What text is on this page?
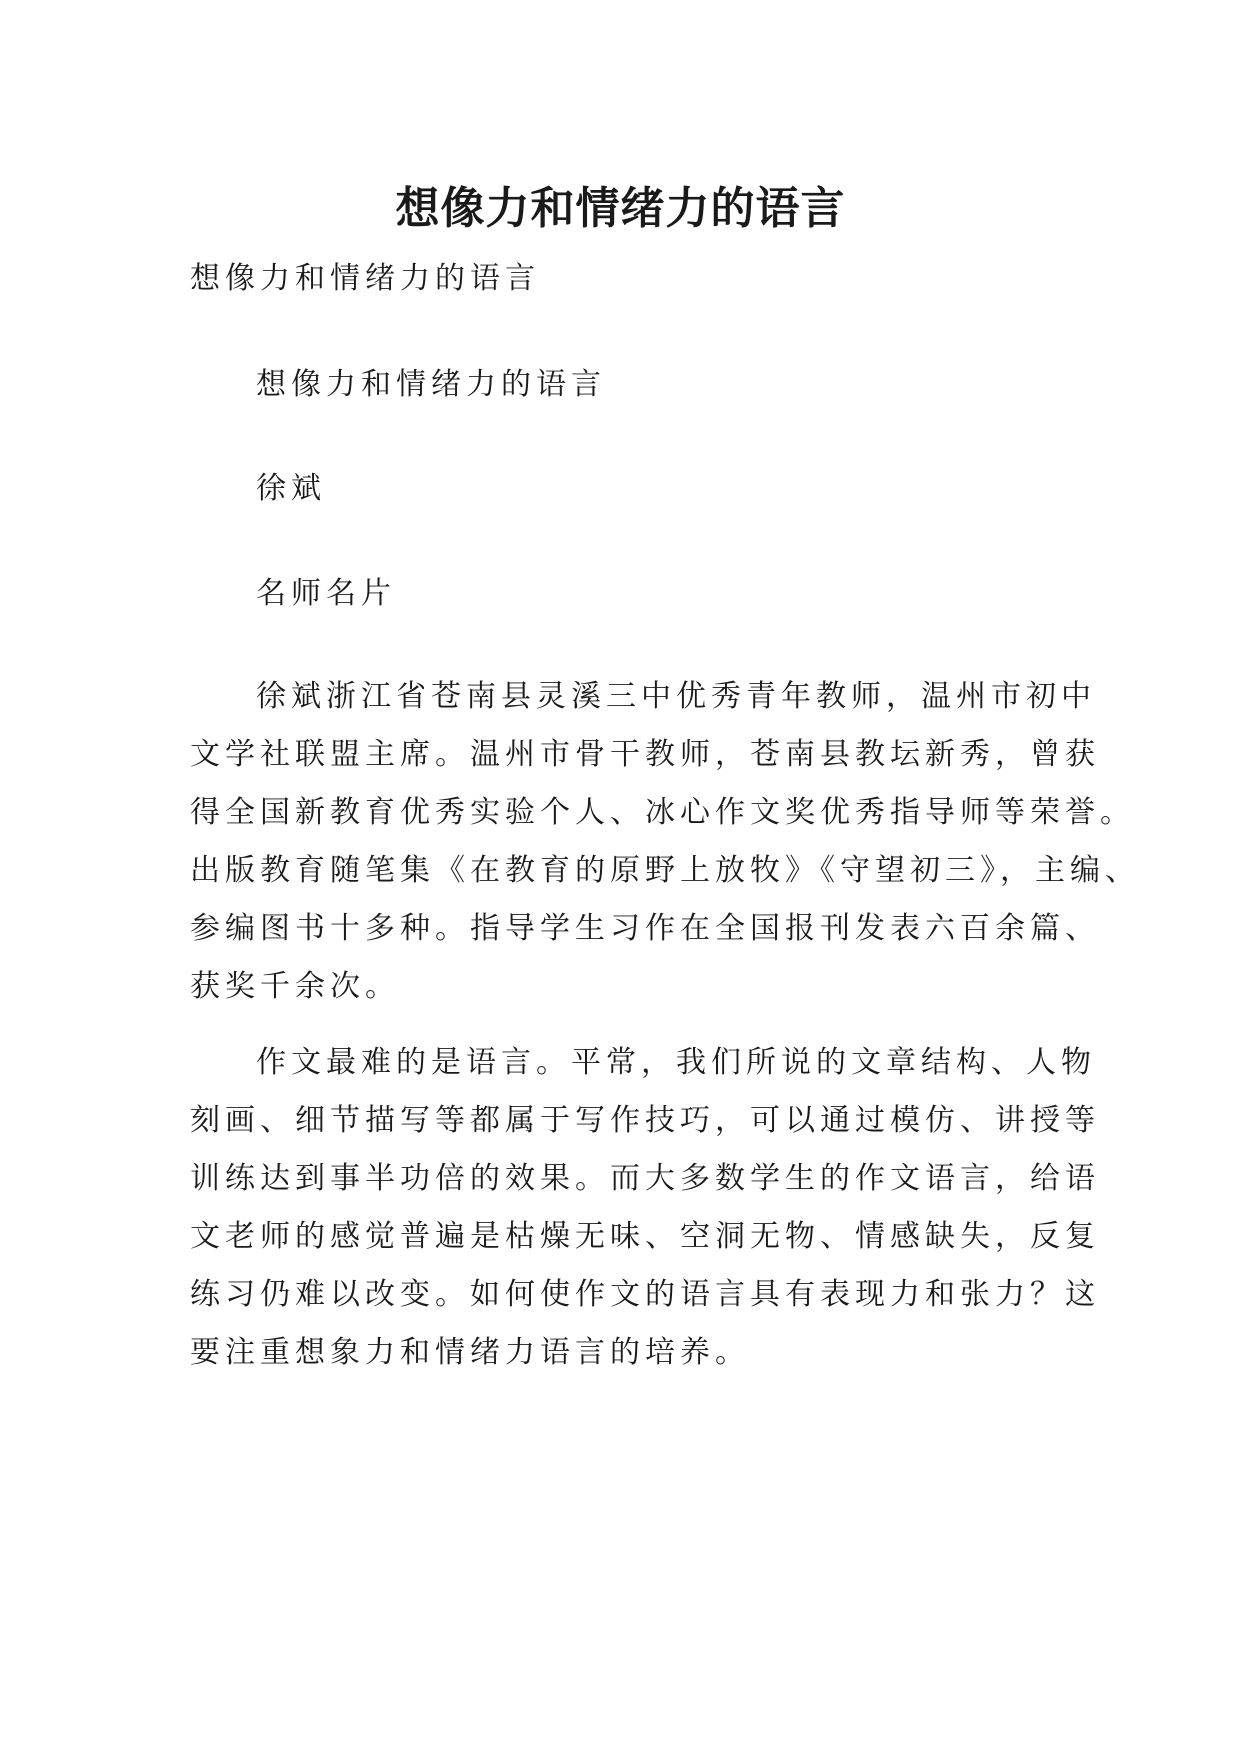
想像力和情绪力的语言

想像力和情绪力的语言

想像力和情绪力的语言

徐斌

名师名片

徐斌浙江省苍南县灵溪三中优秀青年教师，温州市初中
文学社联盟主席。温州市骨干教师，苍南县教坛新秀，曾获
得全国新教育优秀实验个人、冰心作文奖优秀指导师等荣誉。
出版教育随笔集《在教育的原野上放牧》《守望初三》，主编、
参编图书十多种。指导学生习作在全国报刊发表六百余篇、
获奖千余次。
作文最难的是语言。平常，我们所说的文章结构、人物
刻画、细节描写等都属于写作技巧，可以通过模仿、讲授等
训练达到事半功倍的效果。而大多数学生的作文语言，给语
文老师的感觉普遍是枯燥无味、空洞无物、情感缺失，反复
练习仍难以改变。如何使作文的语言具有表现力和张力？这
要注重想象力和情绪力语言的培养。
